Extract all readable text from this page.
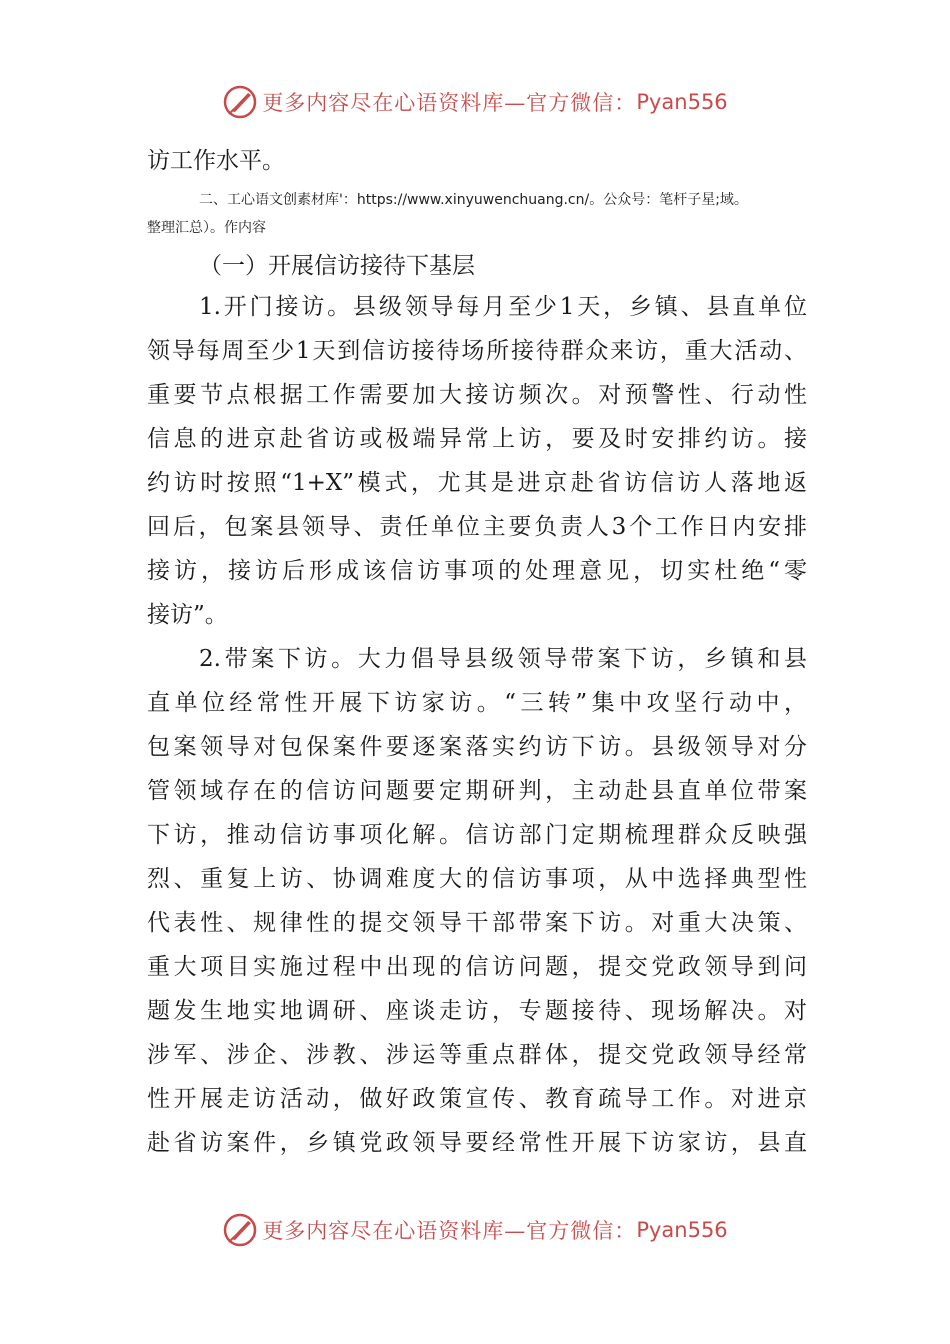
更多内容尽在心语资料库—官方微信： Pyan556
访工作水平。
二、工心语文创素材库'：https://www.xinyuwenchuang.cn/。公众号：笔杆子星;域。
整理汇总）。作内容
（一）开展信访接待下基层
1.开门接访。县级领导每月至少1天，乡镇、县直单位
领导每周至少1天到信访接待场所接待群众来访，重大活动、
重要节点根据工作需要加大接访频次。对预警性、行动性
信息的进京赴省访或极端异常上访，要及时安排约访。接
约访时按照“1+X”模式，尤其是进京赴省访信访人落地返
回后，包案县领导、责任单位主要负责人3个工作日内安排
接访，接访后形成该信访事项的处理意见，切实杜绝“零
接访”。
2.带案下访。大力倡导县级领导带案下访，乡镇和县
直单位经常性开展下访家访。“三转”集中攻坚行动中，
包案领导对包保案件要逐案落实约访下访。县级领导对分
管领域存在的信访问题要定期研判，主动赴县直单位带案
下访，推动信访事项化解。信访部门定期梳理群众反映强
烈、重复上访、协调难度大的信访事项，从中选择典型性
代表性、规律性的提交领导干部带案下访。对重大决策、
重大项目实施过程中出现的信访问题，提交党政领导到问
题发生地实地调研、座谈走访，专题接待、现场解决。对
涉军、涉企、涉教、涉运等重点群体，提交党政领导经常
性开展走访活动，做好政策宣传、教育疏导工作。对进京
赴省访案件，乡镇党政领导要经常性开展下访家访，县直
更多内容尽在心语资料库—官方微信： Pyan556
